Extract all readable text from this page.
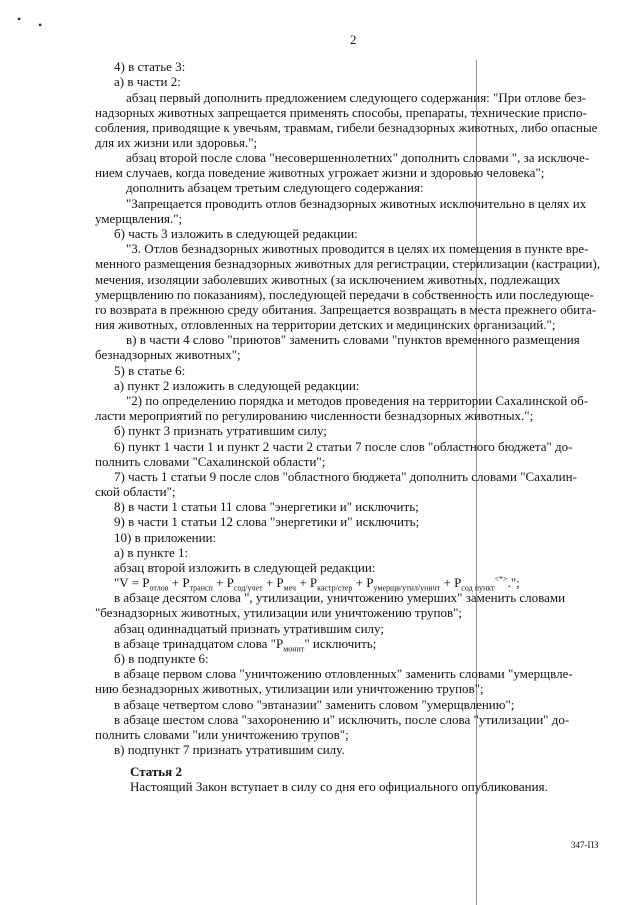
• •
2
4) в статье 3:
а) в части 2:
абзац первый дополнить предложением следующего содержания: "При отлове без-
надзорных животных запрещается применять способы, препараты, технические приспо-
собления, приводящие к увечьям, травмам, гибели безнадзорных животных, либо опасные
для их жизни или здоровья.";
абзац второй после слова "несовершеннолетних" дополнить словами ", за исключе-
нием случаев, когда поведение животных угрожает жизни и здоровью человека";
дополнить абзацем третьим следующего содержания:
"Запрещается проводить отлов безнадзорных животных исключительно в целях их
умерщвления.";
б) часть 3 изложить в следующей редакции:
"3. Отлов безнадзорных животных проводится в целях их помещения в пункте вре-
менного размещения безнадзорных животных для регистрации, стерилизации (кастрации),
мечения, изоляции заболевших животных (за исключением животных, подлежащих
умерщвлению по показаниям), последующей передачи в собственность или последующе-
го возврата в прежнюю среду обитания. Запрещается возвращать в места прежнего обита-
ния животных, отловленных на территории детских и медицинских организаций.";
в) в части 4 слово "приютов" заменить словами "пунктов временного размещения
безнадзорных животных";
5) в статье 6:
а) пункт 2 изложить в следующей редакции:
"2) по определению порядка и методов проведения на территории Сахалинской об-
ласти мероприятий по регулированию численности безнадзорных животных.";
б) пункт 3 признать утратившим силу;
6) пункт 1 части 1 и пункт 2 части 2 статьи 7 после слов "областного бюджета" до-
полнить словами "Сахалинской области";
7) часть 1 статьи 9 после слов "областного бюджета" дополнить словами "Сахалин-
ской области";
8) в части 1 статьи 11 слова "энергетики и" исключить;
9) в части 1 статьи 12 слова "энергетики и" исключить;
10) в приложении:
а) в пункте 1:
абзац второй изложить в следующей редакции:
"$V = P_{отлов} + P_{трансп} + P_{сод/учет} + P_{меч} + P_{кастр/стер} + P_{умерщв/утил/уничт} + P_{сод пункт}^{<*>}$.";
в абзаце десятом слова ", утилизации, уничтожению умерших" заменить словами
"безнадзорных животных, утилизации или уничтожению трупов";
абзац одиннадцатый признать утратившим силу;
в абзаце тринадцатом слова "$P_{монит}$" исключить;
б) в подпункте 6:
в абзаце первом слова "уничтожению отловленных" заменить словами "умерщвле-
нию безнадзорных животных, утилизации или уничтожению трупов";
в абзаце четвертом слово "эвтаназии" заменить словом "умерщвлению";
в абзаце шестом слова "захоронению и" исключить, после слова "утилизации" до-
полнить словами "или уничтожению трупов";
в) подпункт 7 признать утратившим силу.
Статья 2
Настоящий Закон вступает в силу со дня его официального опубликования.
347-ПЗ
